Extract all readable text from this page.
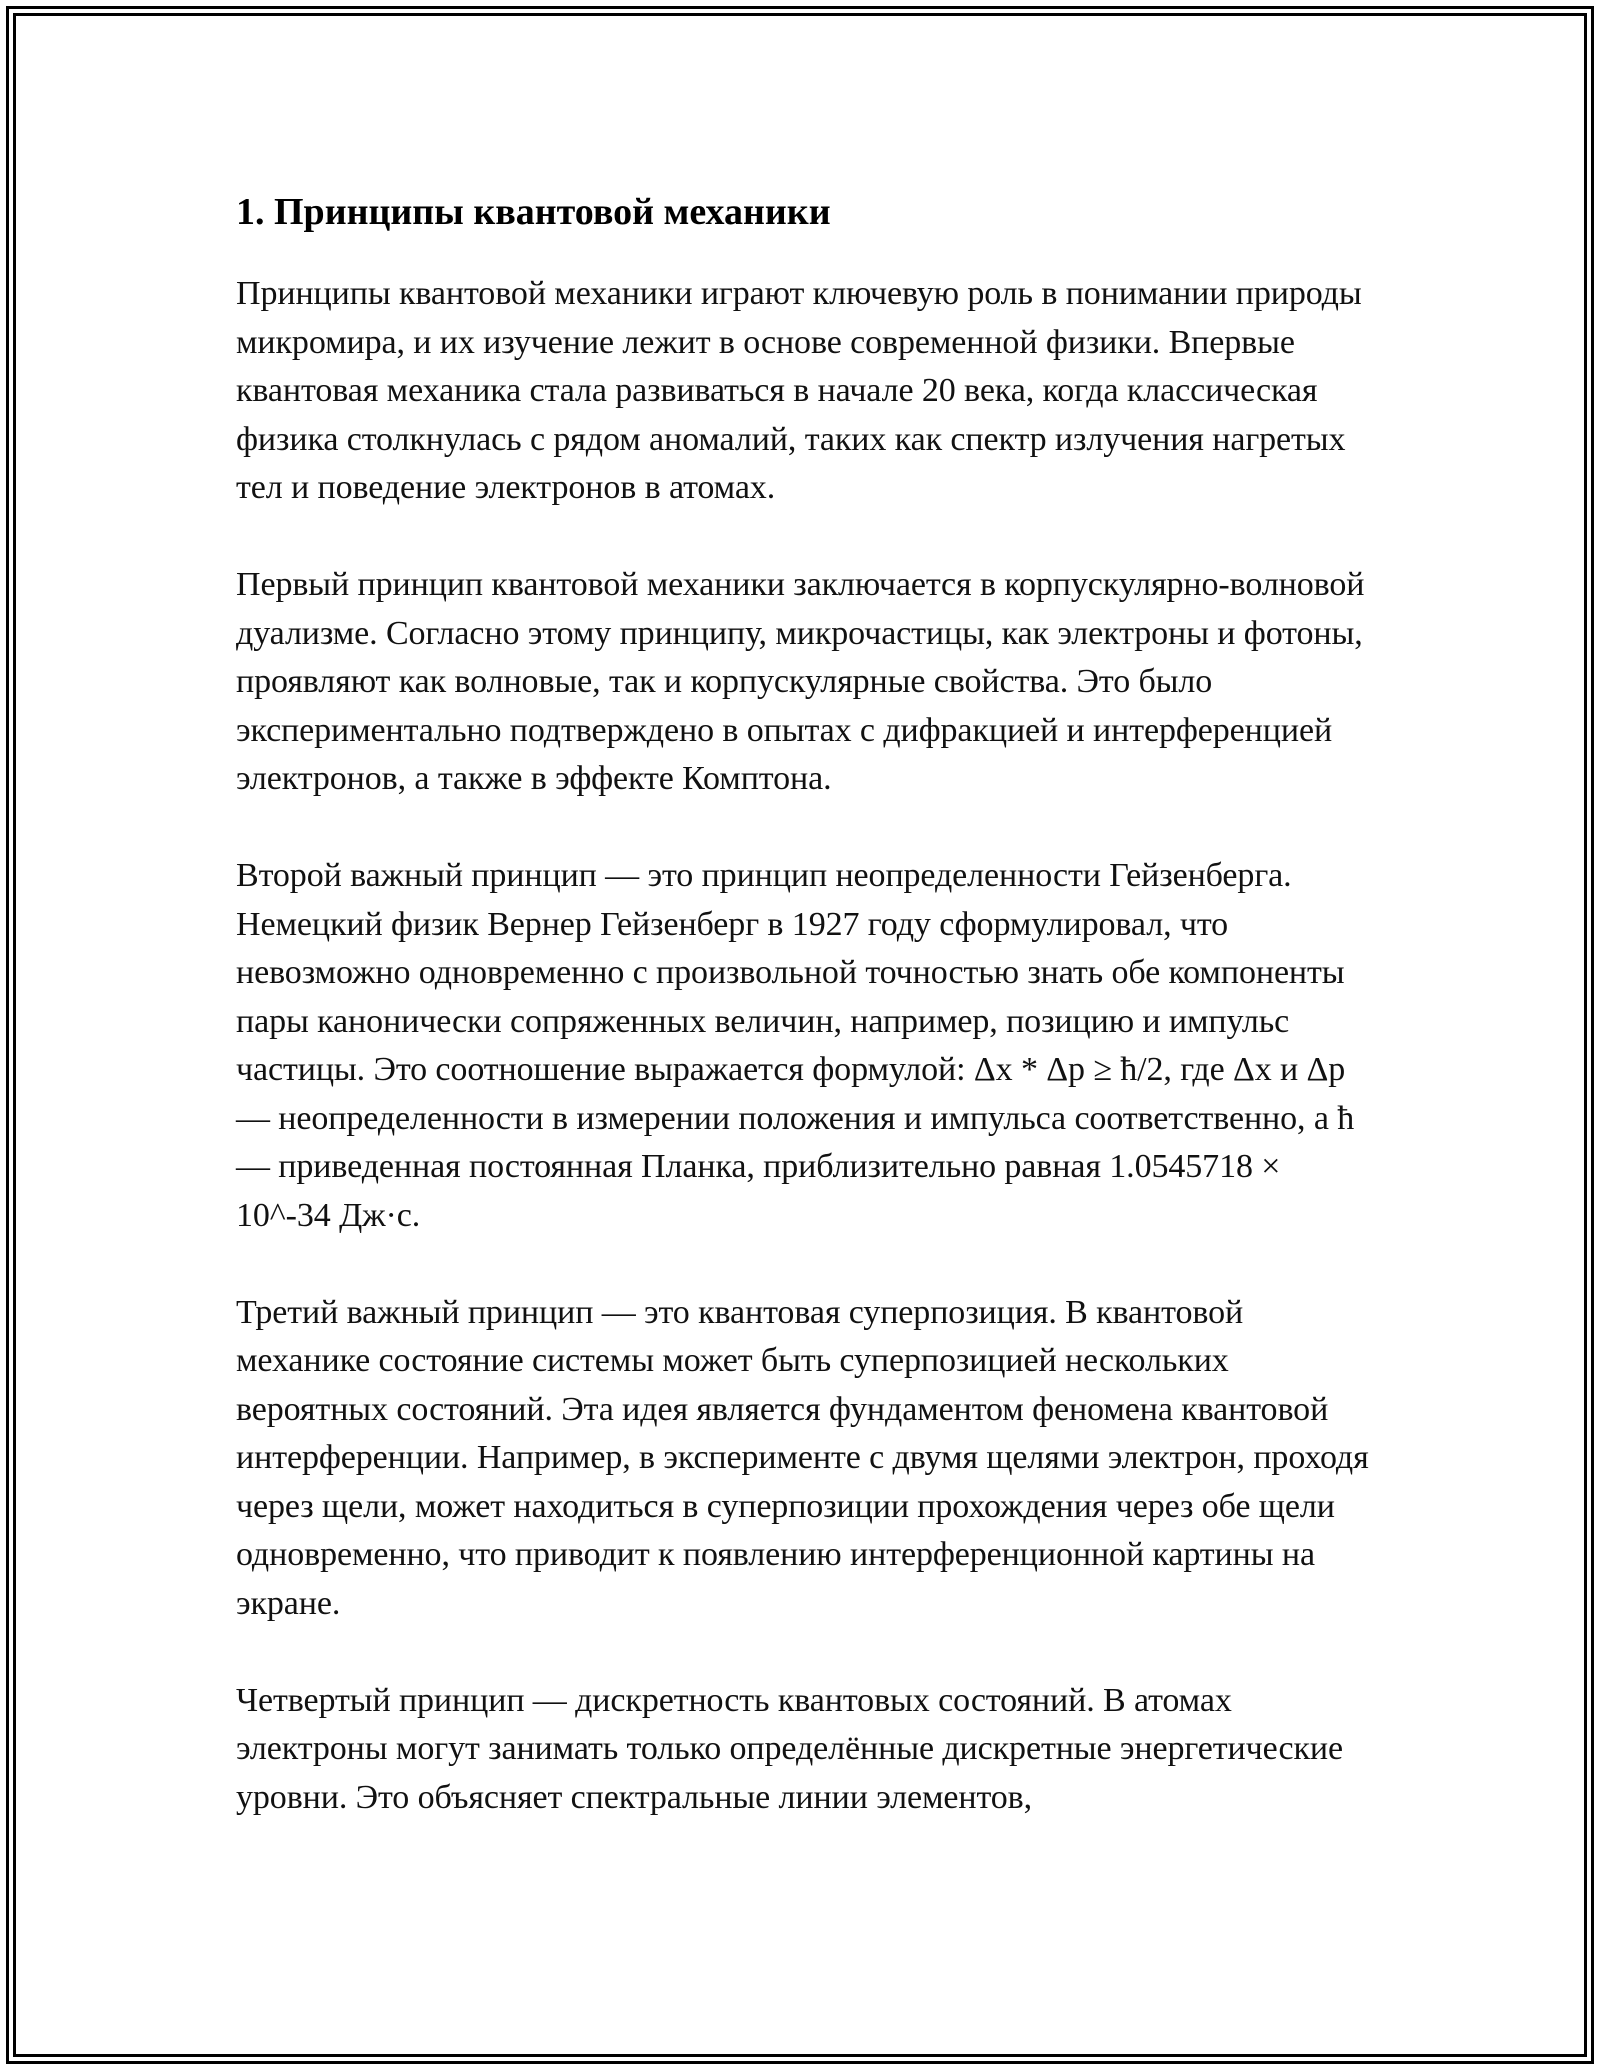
1. Принципы квантовой механики

Принципы квантовой механики играют ключевую роль в понимании природы микромира, и их изучение лежит в основе современной физики. Впервые квантовая механика стала развиваться в начале 20 века, когда классическая физика столкнулась с рядом аномалий, таких как спектр излучения нагретых тел и поведение электронов в атомах.

Первый принцип квантовой механики заключается в корпускулярно-волновой дуализме. Согласно этому принципу, микрочастицы, как электроны и фотоны, проявляют как волновые, так и корпускулярные свойства. Это было экспериментально подтверждено в опытах с дифракцией и интерференцией электронов, а также в эффекте Комптона.

Второй важный принцип — это принцип неопределенности Гейзенберга. Немецкий физик Вернер Гейзенберг в 1927 году сформулировал, что невозможно одновременно с произвольной точностью знать обе компоненты пары канонически сопряженных величин, например, позицию и импульс частицы. Это соотношение выражается формулой: Δx * Δp ≥ ħ/2, где Δx и Δp — неопределенности в измерении положения и импульса соответственно, а ħ — приведенная постоянная Планка, приблизительно равная 1.0545718 × 10^-34 Дж·с.

Третий важный принцип — это квантовая суперпозиция. В квантовой механике состояние системы может быть суперпозицией нескольких вероятных состояний. Эта идея является фундаментом феномена квантовой интерференции. Например, в эксперименте с двумя щелями электрон, проходя через щели, может находиться в суперпозиции прохождения через обе щели одновременно, что приводит к появлению интерференционной картины на экране.

Четвертый принцип — дискретность квантовых состояний. В атомах электроны могут занимать только определённые дискретные энергетические уровни. Это объясняет спектральные линии элементов,
